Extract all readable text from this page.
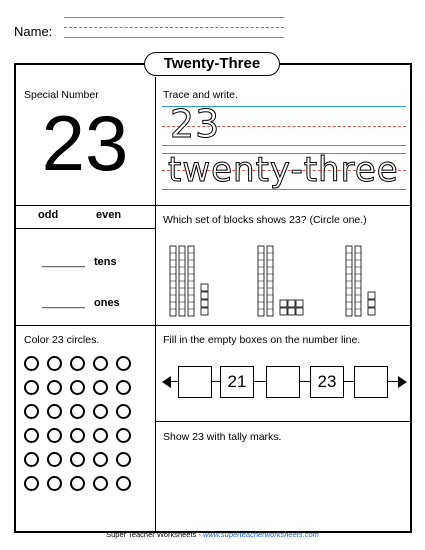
Name:
Twenty-Three
Special Number
23
Trace and write.
23
twenty-three
odd	even
_______ tens
_______ ones
Which set of blocks shows 23? (Circle one.)
Color 23 circles.	Fill in the empty boxes on the number line.
21	23
Show 23 with tally marks.
Super Teacher Worksheets - www.superteacherworksheets.com
